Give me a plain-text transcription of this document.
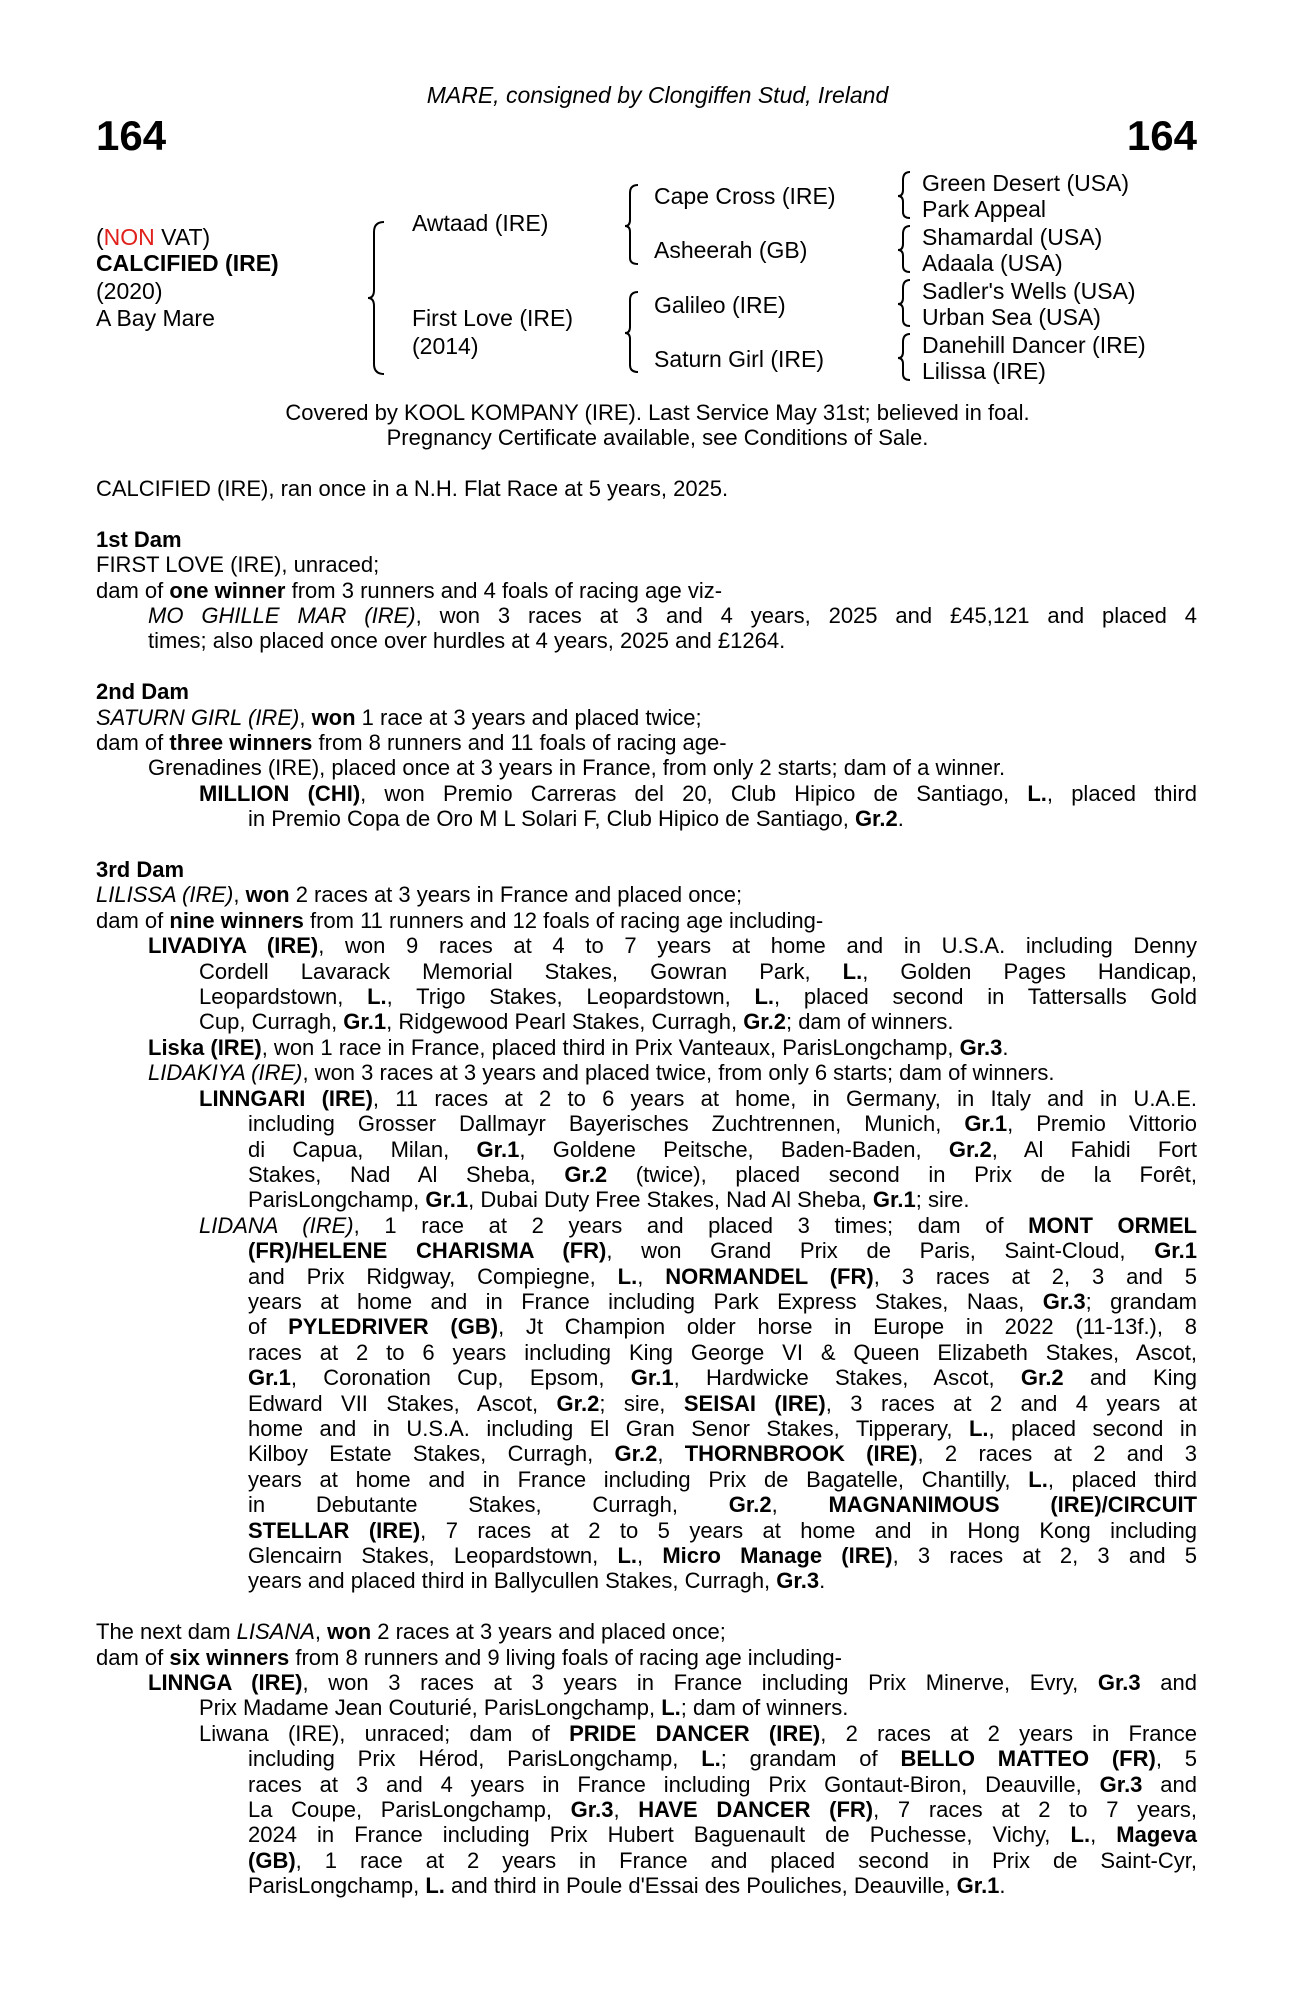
MARE, consigned by Clongiffen Stud, Ireland
164	164
(NON VAT)
CALCIFIED (IRE)
(2020)
A Bay Mare
Awtaad (IRE)
First Love (IRE)
(2014)
Cape Cross (IRE)
Asheerah (GB)
Galileo (IRE)
Saturn Girl (IRE)
Green Desert (USA)
Park Appeal
Shamardal (USA)
Adaala (USA)
Sadler's Wells (USA)
Urban Sea (USA)
Danehill Dancer (IRE)
Lilissa (IRE)
Covered by KOOL KOMPANY (IRE). Last Service May 31st; believed in foal.
Pregnancy Certificate available, see Conditions of Sale.
CALCIFIED (IRE), ran once in a N.H. Flat Race at 5 years, 2025.
1st Dam
FIRST LOVE (IRE), unraced;
dam of one winner from 3 runners and 4 foals of racing age viz-
MO GHILLE MAR (IRE), won 3 races at 3 and 4 years, 2025 and £45,121 and placed 4
times; also placed once over hurdles at 4 years, 2025 and £1264.
2nd Dam
SATURN GIRL (IRE), won 1 race at 3 years and placed twice;
dam of three winners from 8 runners and 11 foals of racing age-
Grenadines (IRE), placed once at 3 years in France, from only 2 starts; dam of a winner.
MILLION (CHI), won Premio Carreras del 20, Club Hipico de Santiago, L., placed third
in Premio Copa de Oro M L Solari F, Club Hipico de Santiago, Gr.2.
3rd Dam
LILISSA (IRE), won 2 races at 3 years in France and placed once;
dam of nine winners from 11 runners and 12 foals of racing age including-
LIVADIYA (IRE), won 9 races at 4 to 7 years at home and in U.S.A. including Denny
Cordell Lavarack Memorial Stakes, Gowran Park, L., Golden Pages Handicap,
Leopardstown, L., Trigo Stakes, Leopardstown, L., placed second in Tattersalls Gold
Cup, Curragh, Gr.1, Ridgewood Pearl Stakes, Curragh, Gr.2; dam of winners.
Liska (IRE), won 1 race in France, placed third in Prix Vanteaux, ParisLongchamp, Gr.3.
LIDAKIYA (IRE), won 3 races at 3 years and placed twice, from only 6 starts; dam of winners.
LINNGARI (IRE), 11 races at 2 to 6 years at home, in Germany, in Italy and in U.A.E.
including Grosser Dallmayr Bayerisches Zuchtrennen, Munich, Gr.1, Premio Vittorio
di Capua, Milan, Gr.1, Goldene Peitsche, Baden-Baden, Gr.2, Al Fahidi Fort
Stakes, Nad Al Sheba, Gr.2 (twice), placed second in Prix de la Forêt,
ParisLongchamp, Gr.1, Dubai Duty Free Stakes, Nad Al Sheba, Gr.1; sire.
LIDANA (IRE), 1 race at 2 years and placed 3 times; dam of MONT ORMEL
(FR)/HELENE CHARISMA (FR), won Grand Prix de Paris, Saint-Cloud, Gr.1
and Prix Ridgway, Compiegne, L., NORMANDEL (FR), 3 races at 2, 3 and 5
years at home and in France including Park Express Stakes, Naas, Gr.3; grandam
of PYLEDRIVER (GB), Jt Champion older horse in Europe in 2022 (11-13f.), 8
races at 2 to 6 years including King George VI & Queen Elizabeth Stakes, Ascot,
Gr.1, Coronation Cup, Epsom, Gr.1, Hardwicke Stakes, Ascot, Gr.2 and King
Edward VII Stakes, Ascot, Gr.2; sire, SEISAI (IRE), 3 races at 2 and 4 years at
home and in U.S.A. including El Gran Senor Stakes, Tipperary, L., placed second in
Kilboy Estate Stakes, Curragh, Gr.2, THORNBROOK (IRE), 2 races at 2 and 3
years at home and in France including Prix de Bagatelle, Chantilly, L., placed third
in Debutante Stakes, Curragh, Gr.2, MAGNANIMOUS (IRE)/CIRCUIT
STELLAR (IRE), 7 races at 2 to 5 years at home and in Hong Kong including
Glencairn Stakes, Leopardstown, L., Micro Manage (IRE), 3 races at 2, 3 and 5
years and placed third in Ballycullen Stakes, Curragh, Gr.3.
The next dam LISANA, won 2 races at 3 years and placed once;
dam of six winners from 8 runners and 9 living foals of racing age including-
LINNGA (IRE), won 3 races at 3 years in France including Prix Minerve, Evry, Gr.3 and
Prix Madame Jean Couturié, ParisLongchamp, L.; dam of winners.
Liwana (IRE), unraced; dam of PRIDE DANCER (IRE), 2 races at 2 years in France
including Prix Hérod, ParisLongchamp, L.; grandam of BELLO MATTEO (FR), 5
races at 3 and 4 years in France including Prix Gontaut-Biron, Deauville, Gr.3 and
La Coupe, ParisLongchamp, Gr.3, HAVE DANCER (FR), 7 races at 2 to 7 years,
2024 in France including Prix Hubert Baguenault de Puchesse, Vichy, L., Mageva
(GB), 1 race at 2 years in France and placed second in Prix de Saint-Cyr,
ParisLongchamp, L. and third in Poule d'Essai des Pouliches, Deauville, Gr.1.
